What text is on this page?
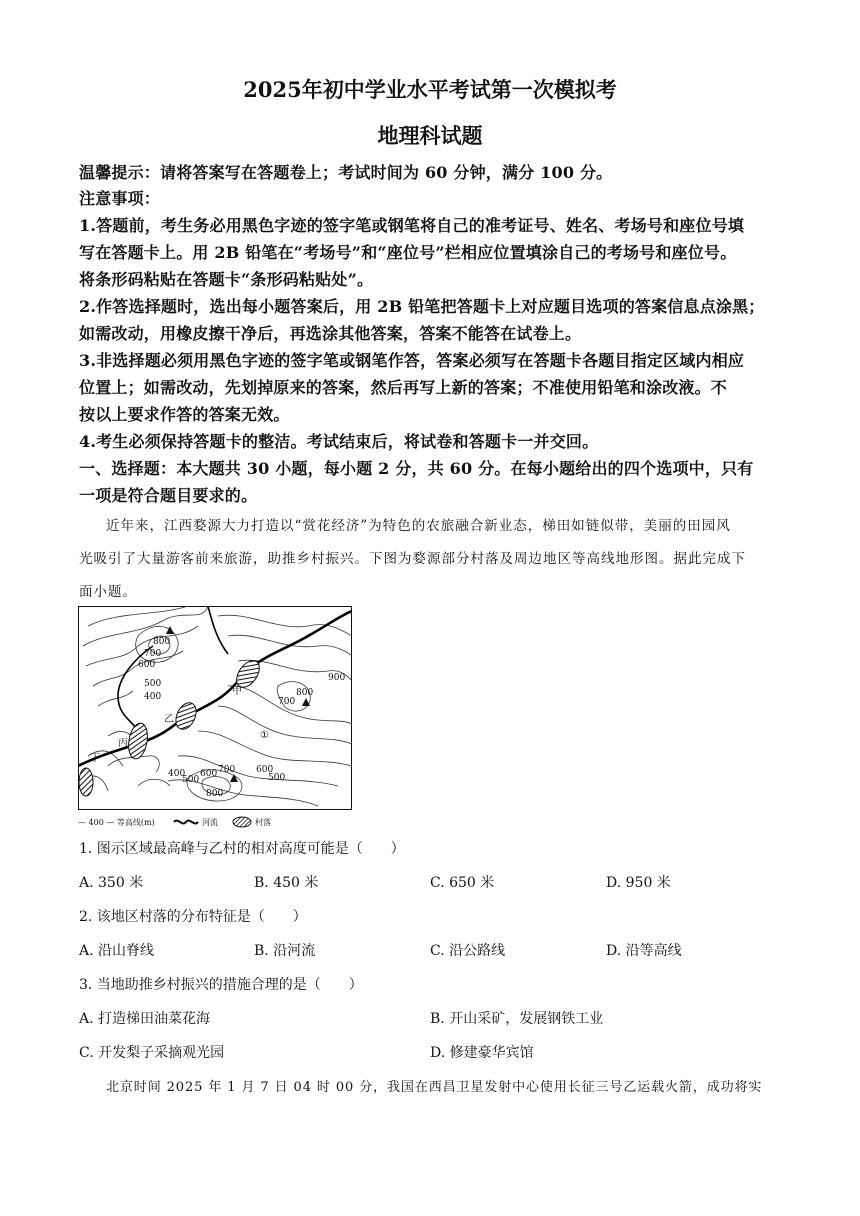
2025年初中学业水平考试第一次模拟考
地理科试题
温馨提示：请将答案写在答题卷上；考试时间为 60 分钟，满分 100 分。
注意事项：
1.答题前，考生务必用黑色字迹的签字笔或钢笔将自己的准考证号、姓名、考场号和座位号填
写在答题卡上。用 2B 铅笔在“考场号”和“座位号”栏相应位置填涂自己的考场号和座位号。
将条形码粘贴在答题卡“条形码粘贴处”。
2.作答选择题时，选出每小题答案后，用 2B 铅笔把答题卡上对应题目选项的答案信息点涂黑；
如需改动，用橡皮擦干净后，再选涂其他答案，答案不能答在试卷上。
3.非选择题必须用黑色字迹的签字笔或钢笔作答，答案必须写在答题卡各题目指定区域内相应
位置上；如需改动，先划掉原来的答案，然后再写上新的答案；不准使用铅笔和涂改液。不
按以上要求作答的答案无效。
4.考生必须保持答题卡的整洁。考试结束后，将试卷和答题卡一并交回。
一、选择题：本大题共 30 小题，每小题 2 分，共 60 分。在每小题给出的四个选项中，只有
一项是符合题目要求的。
近年来，江西婺源大力打造以“赏花经济”为特色的农旅融合新业态，梯田如链似带，美丽的田园风
光吸引了大量游客前来旅游，助推乡村振兴。下图为婺源部分村落及周边地区等高线地形图。据此完成下
面小题。
800
700
600
500
400
900
800
700
400
500
600 700
800
600
500
甲
乙
丙
丁
①
— 400 — 等高线(m)	河流	村落
1. 图示区域最高峰与乙村的相对高度可能是（　　）
A. 350 米	B. 450 米	C. 650 米	D. 950 米
2. 该地区村落的分布特征是（　　）
A. 沿山脊线	B. 沿河流	C. 沿公路线	D. 沿等高线
3. 当地助推乡村振兴的措施合理的是（　　）
A. 打造梯田油菜花海	B. 开山采矿，发展钢铁工业
C. 开发梨子采摘观光园	D. 修建豪华宾馆
北京时间 2025 年 1 月 7 日 04 时 00 分，我国在西昌卫星发射中心使用长征三号乙运载火箭，成功将实
